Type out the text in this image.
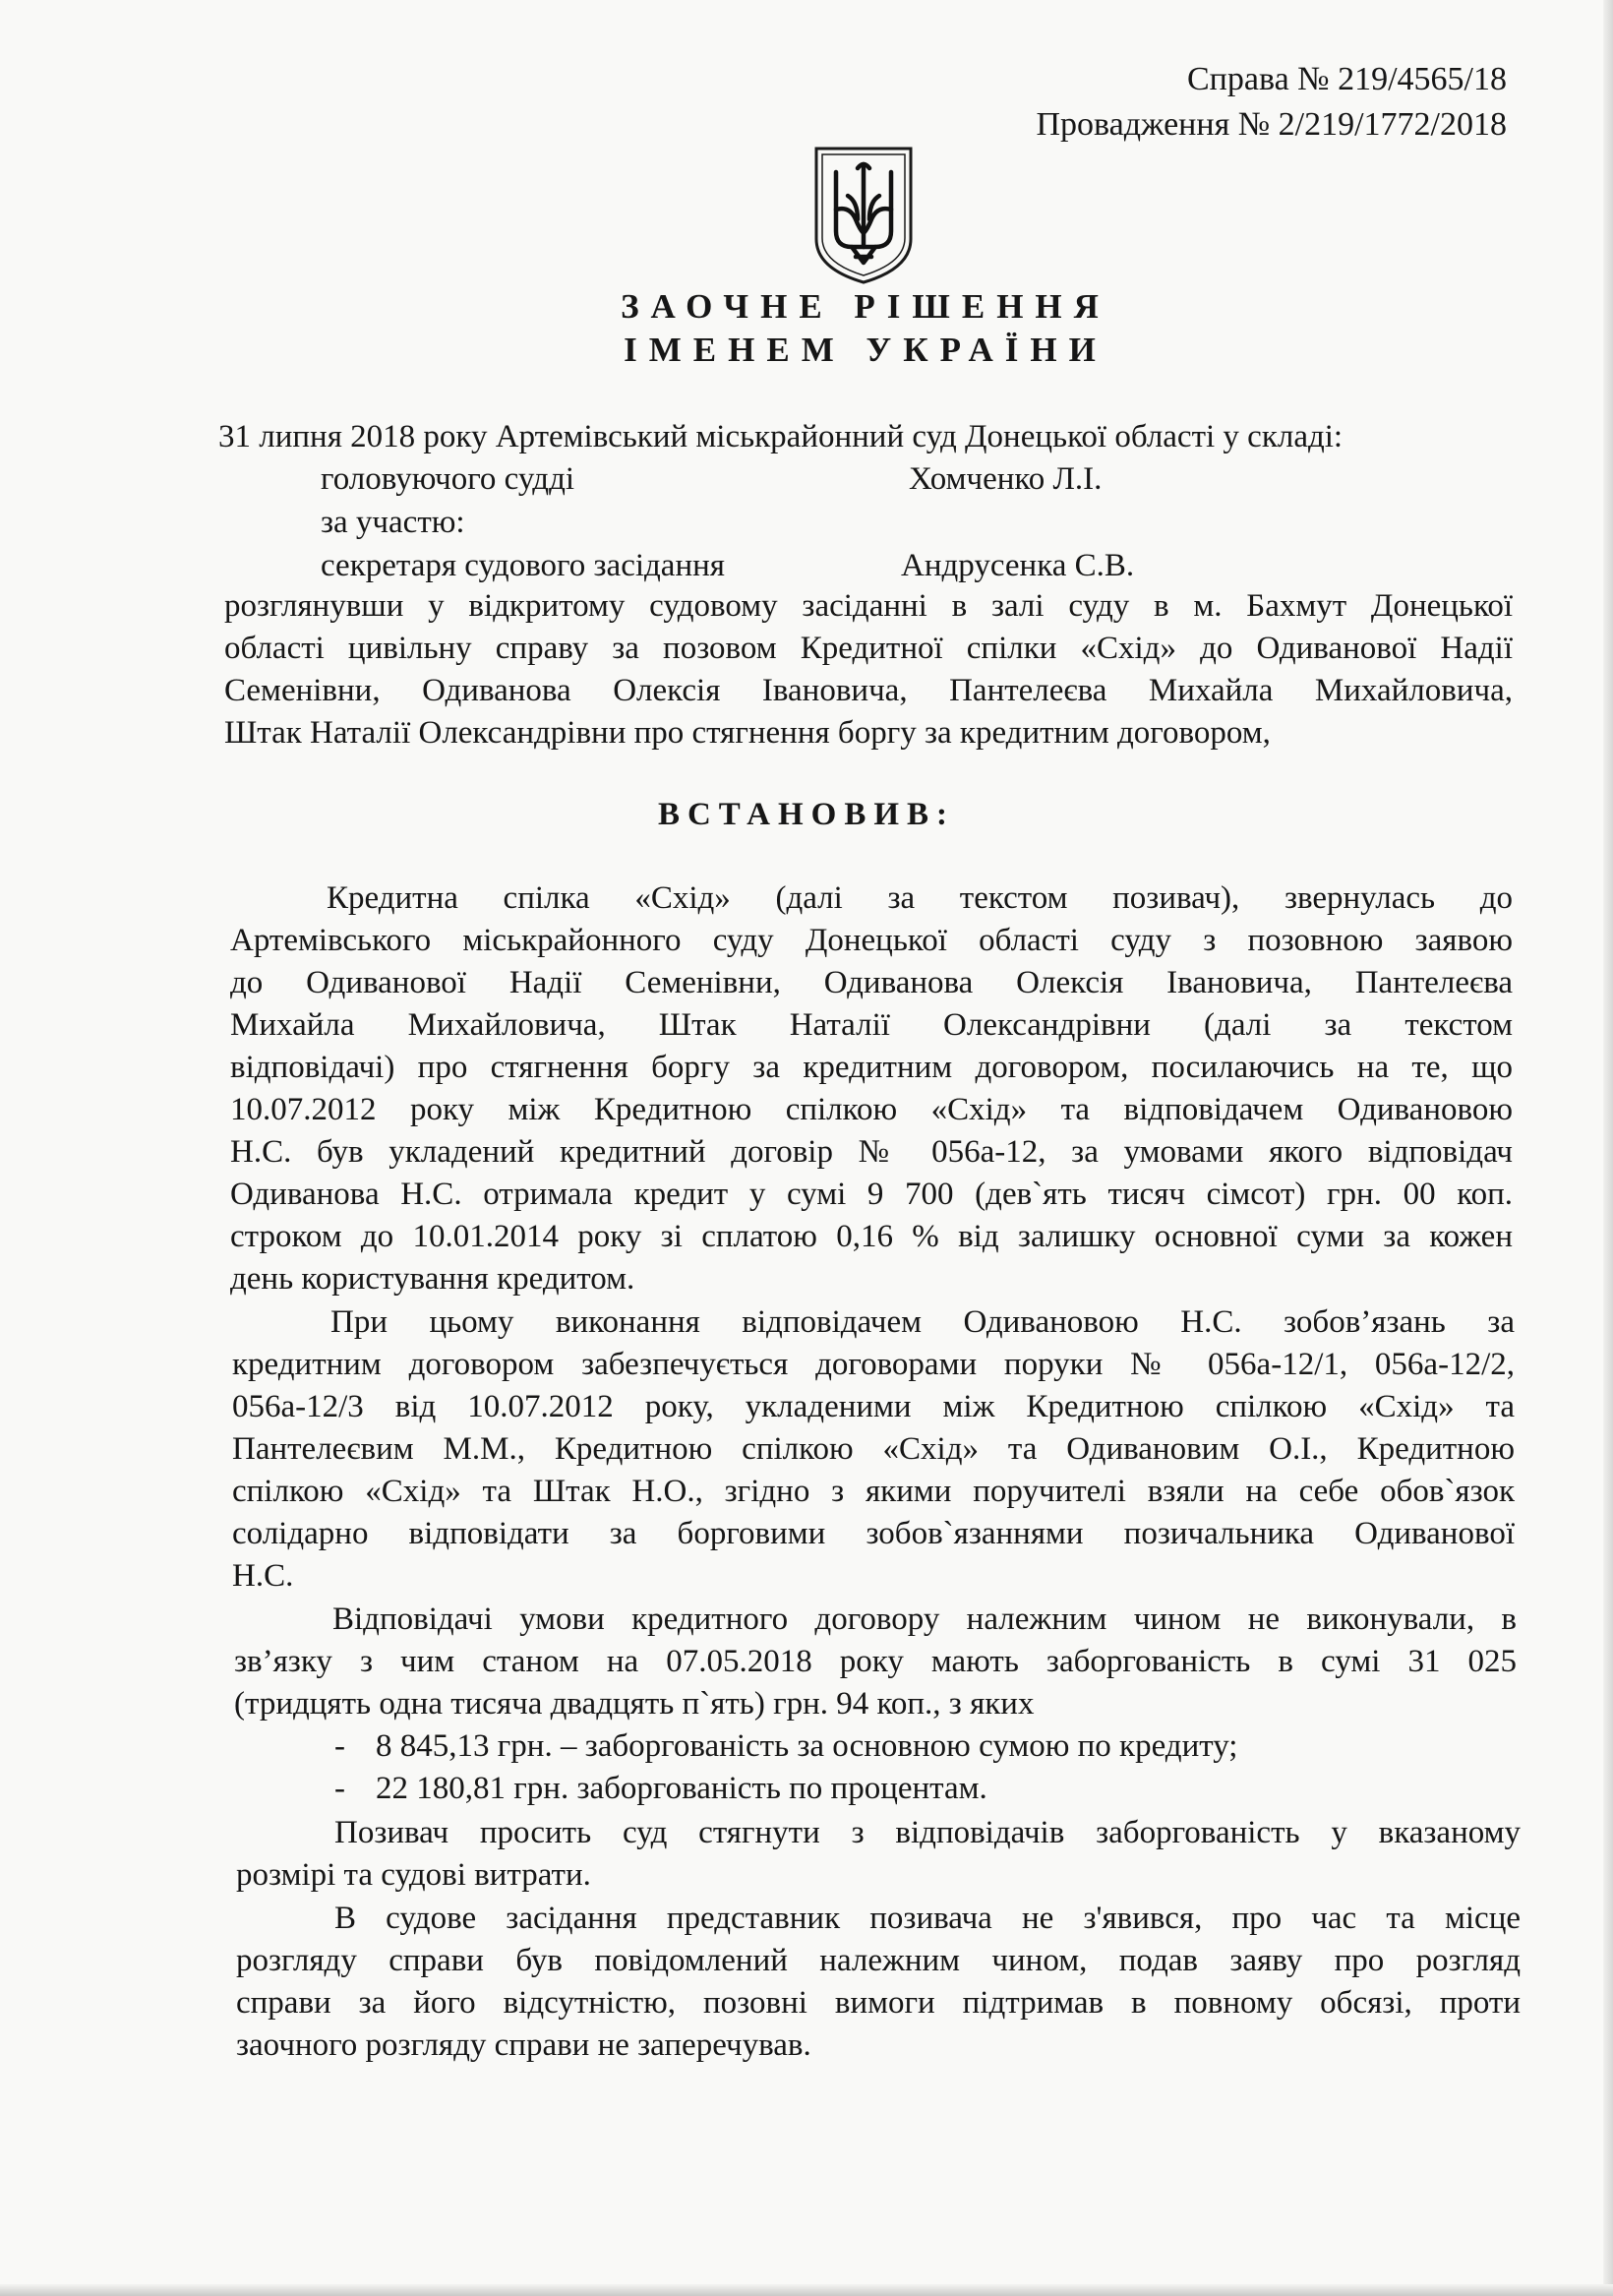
Справа № 219/4565/18
Провадження № 2/219/1772/2018
ЗАОЧНЕ РІШЕННЯ
ІМЕНЕМ УКРАЇНИ
31 липня 2018 року Артемівський міськрайонний суд Донецької області у складі:
головуючого судді	Хомченко Л.І.
за участю:
секретаря судового засідання	Андрусенка С.В.
розглянувши у відкритому судовому засіданні в залі суду в м. Бахмут Донецької
області цивільну справу за позовом Кредитної спілки «Схід» до Одиванової Надії
Семенівни, Одиванова Олексія Івановича, Пантелеєва Михайла Михайловича,
Штак Наталії Олександрівни про стягнення боргу за кредитним договором,
ВСТАНОВИВ:
Кредитна спілка «Схід» (далі за текстом позивач), звернулась до
Артемівського міськрайонного суду Донецької області суду з позовною заявою
до Одиванової Надії Семенівни, Одиванова Олексія Івановича, Пантелеєва
Михайла Михайловича, Штак Наталії Олександрівни (далі за текстом
відповідачі) про стягнення боргу за кредитним договором, посилаючись на те, що
10.07.2012 року між Кредитною спілкою «Схід» та відповідачем Одивановою
Н.С. був укладений кредитний договір № 056а-12, за умовами якого відповідач
Одиванова Н.С. отримала кредит у сумі 9 700 (дев`ять тисяч сімсот) грн. 00 коп.
строком до 10.01.2014 року зі сплатою 0,16 % від залишку основної суми за кожен
день користування кредитом.
При цьому виконання відповідачем Одивановою Н.С. зобов’язань за
кредитним договором забезпечується договорами поруки № 056а-12/1, 056а-12/2,
056а-12/3 від 10.07.2012 року, укладеними між Кредитною спілкою «Схід» та
Пантелеєвим М.М., Кредитною спілкою «Схід» та Одивановим О.І., Кредитною
спілкою «Схід» та Штак Н.О., згідно з якими поручителі взяли на себе обов`язок
солідарно відповідати за борговими зобов`язаннями позичальника Одиванової
Н.С.
Відповідачі умови кредитного договору належним чином не виконували, в
зв’язку з чим станом на 07.05.2018 року мають заборгованість в сумі 31 025
(тридцять одна тисяча двадцять п`ять) грн. 94 коп., з яких
- 8 845,13 грн. – заборгованість за основною сумою по кредиту;
- 22 180,81 грн. заборгованість по процентам.
Позивач просить суд стягнути з відповідачів заборгованість у вказаному
розмірі та судові витрати.
В судове засідання представник позивача не з'явився, про час та місце
розгляду справи був повідомлений належним чином, подав заяву про розгляд
справи за його відсутністю, позовні вимоги підтримав в повному обсязі, проти
заочного розгляду справи не заперечував.
